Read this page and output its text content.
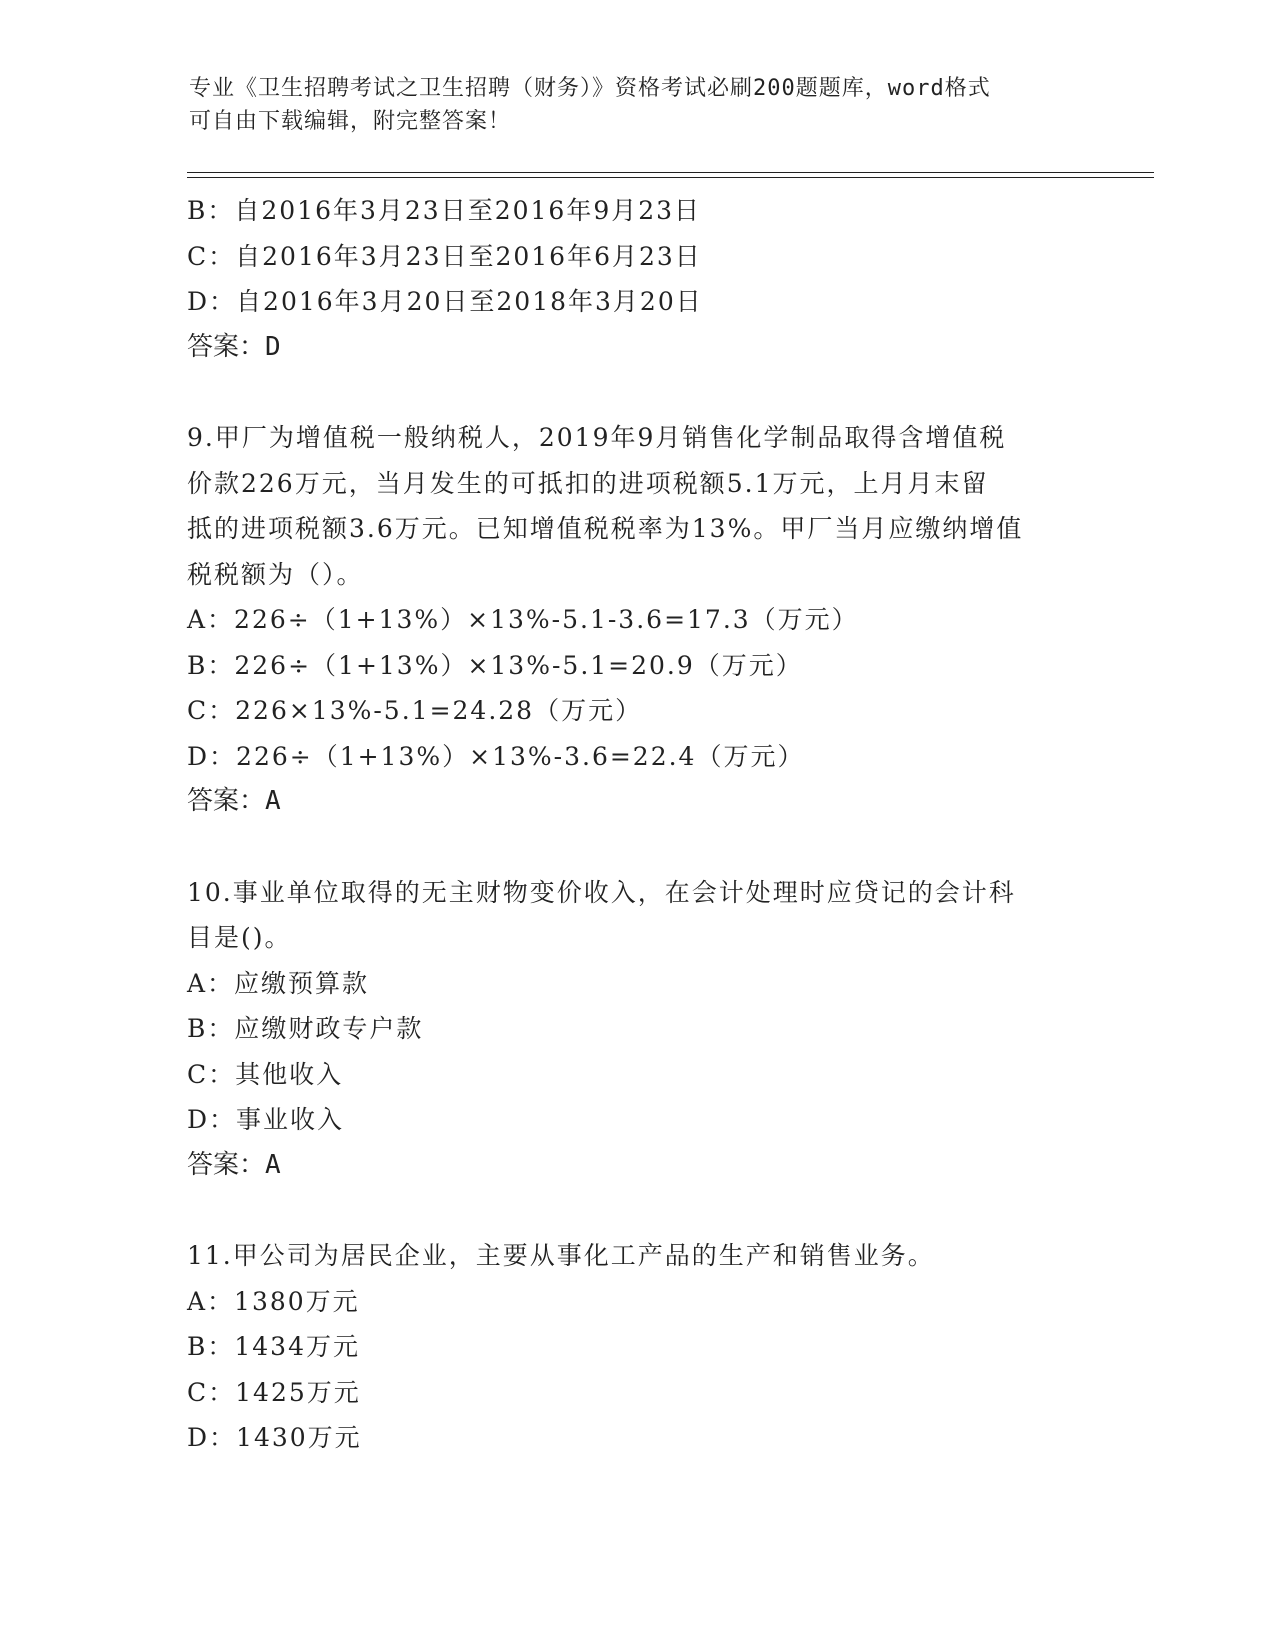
专业《卫生招聘考试之卫生招聘（财务）》资格考试必刷200题题库，word格式
可自由下载编辑，附完整答案！
B：自2016年3月23日至2016年9月23日
C：自2016年3月23日至2016年6月23日
D：自2016年3月20日至2018年3月20日
答案：D
9.甲厂为增值税一般纳税人，2019年9月销售化学制品取得含增值税
价款226万元，当月发生的可抵扣的进项税额5.1万元，上月月末留
抵的进项税额3.6万元。已知增值税税率为13%。甲厂当月应缴纳增值
税税额为（）。
A：226÷（1+13%）×13%-5.1-3.6=17.3（万元）
B：226÷（1+13%）×13%-5.1=20.9（万元）
C：226×13%-5.1=24.28（万元）
D：226÷（1+13%）×13%-3.6=22.4（万元）
答案：A
10.事业单位取得的无主财物变价收入，在会计处理时应贷记的会计科
目是()。
A：应缴预算款
B：应缴财政专户款
C：其他收入
D：事业收入
答案：A
11.甲公司为居民企业，主要从事化工产品的生产和销售业务。
A：1380万元
B：1434万元
C：1425万元
D：1430万元
